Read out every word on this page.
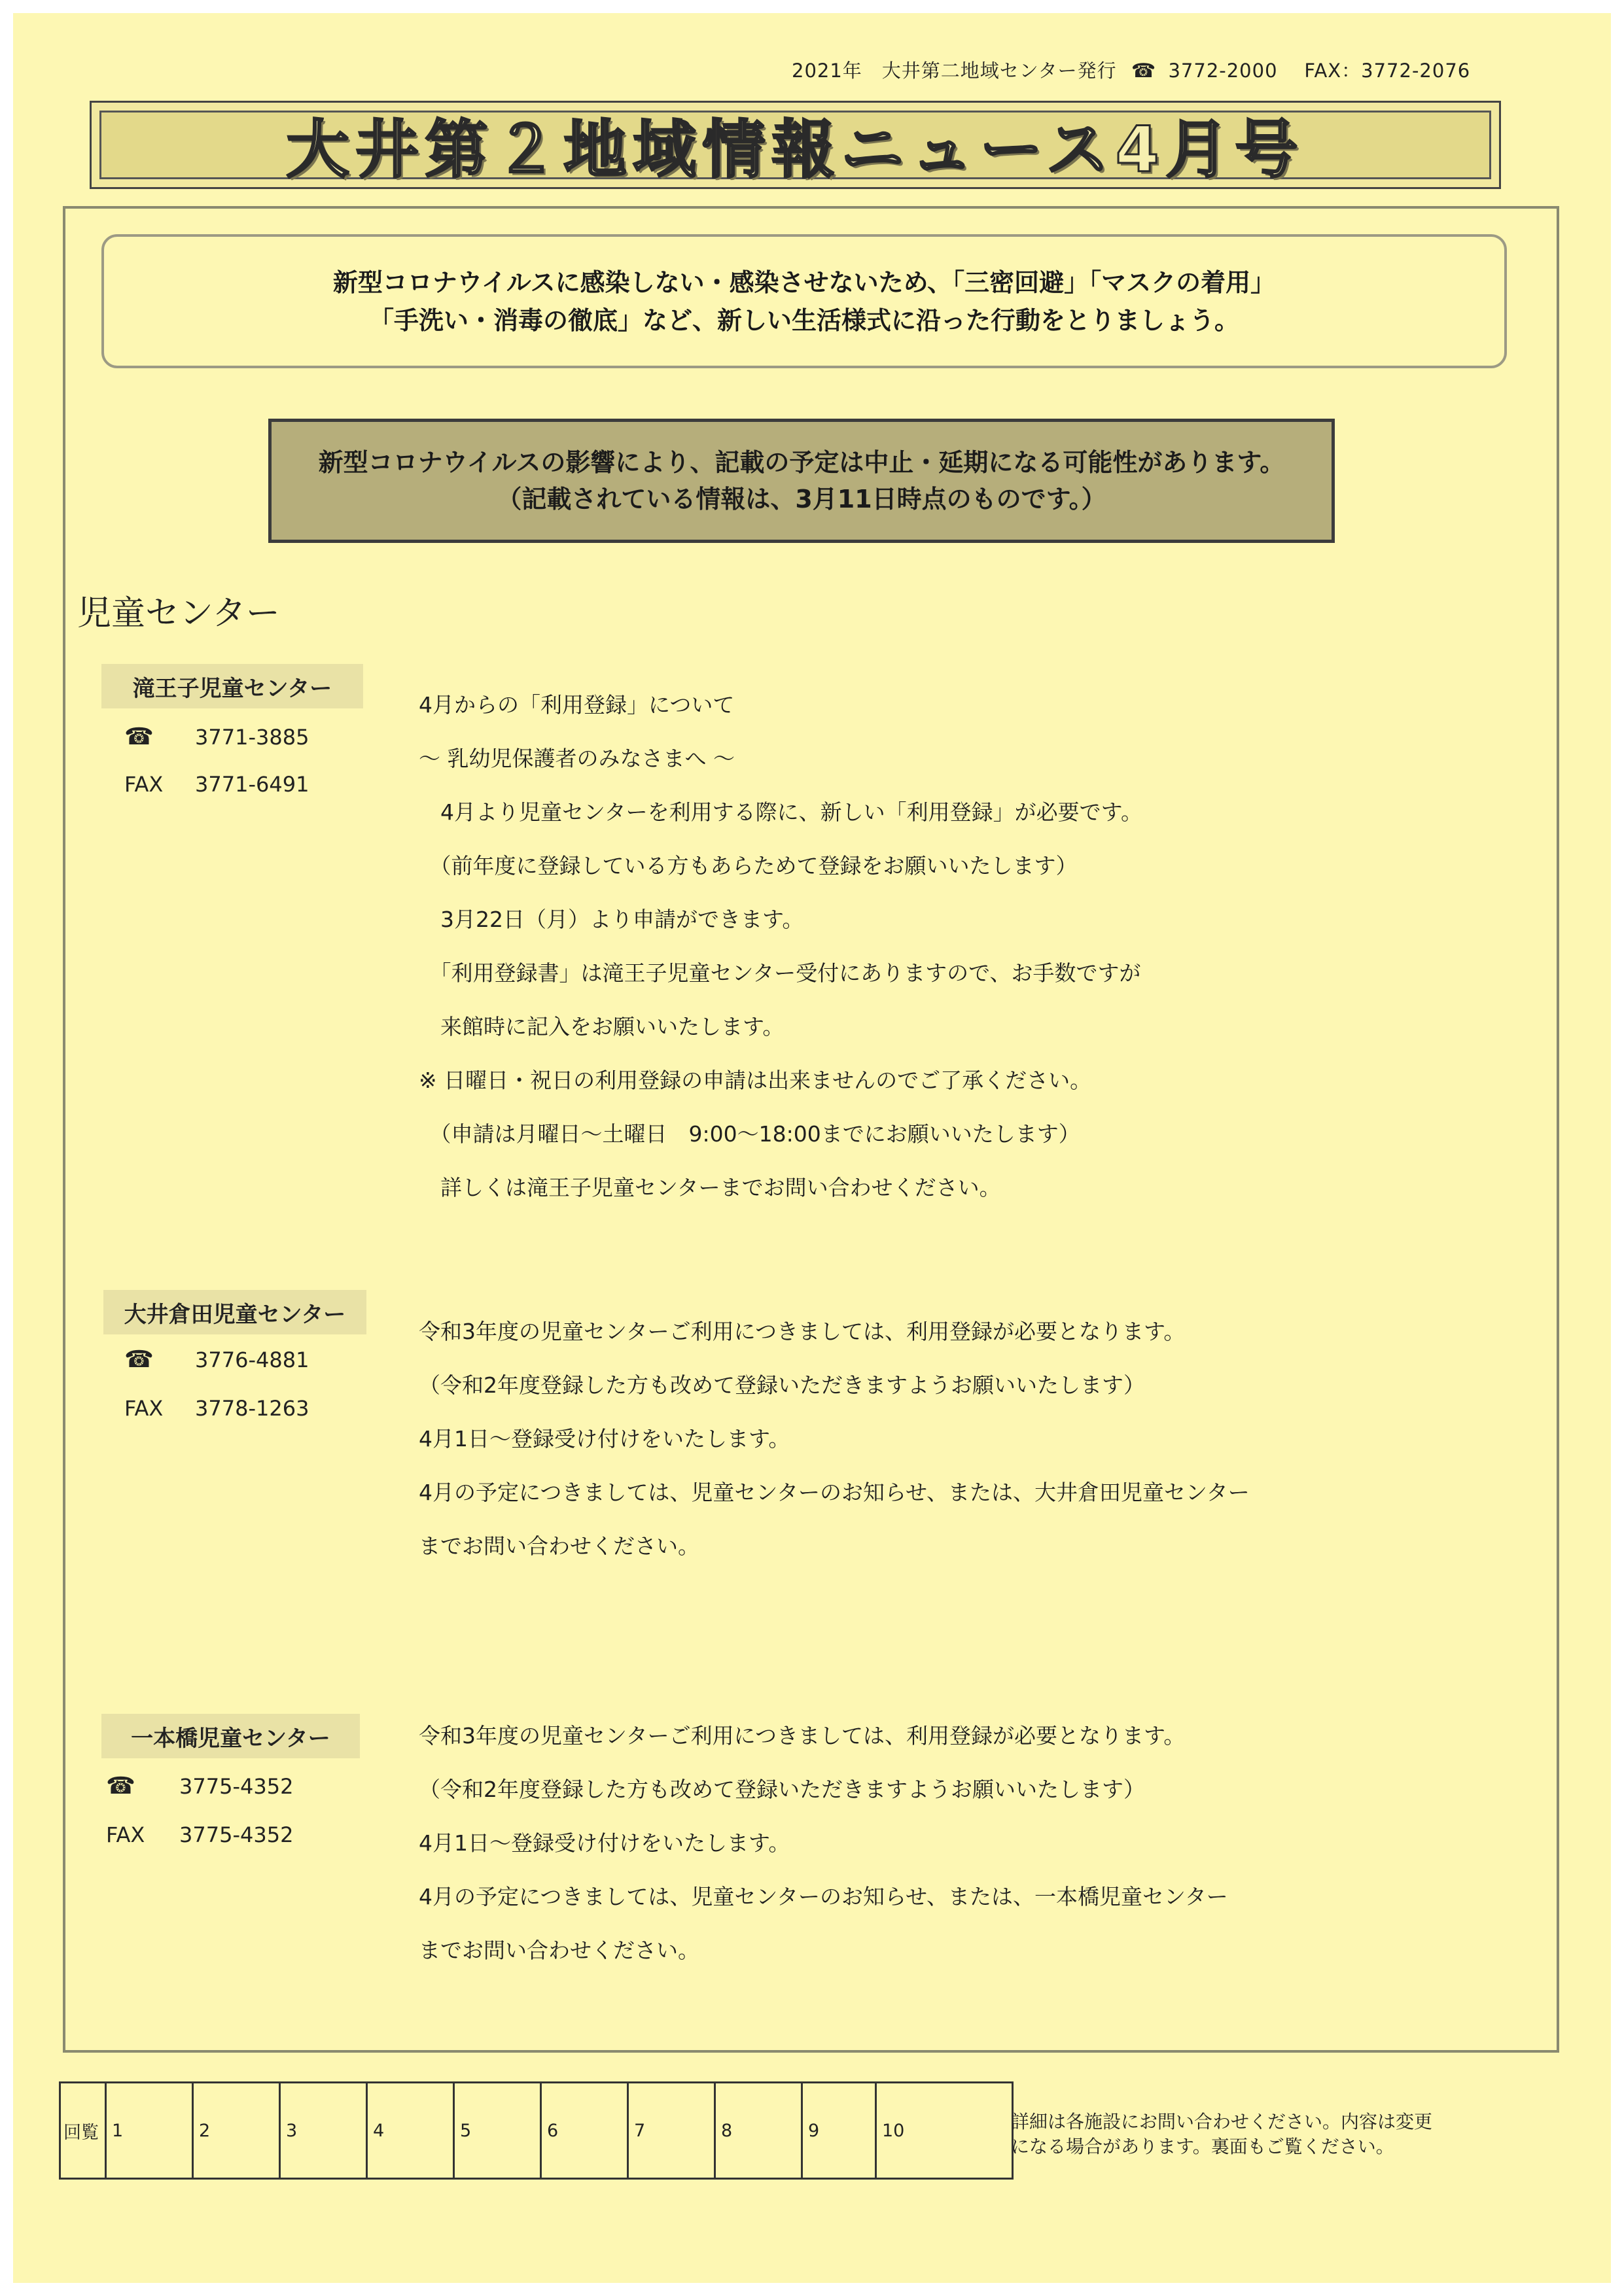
2021年　大井第二地域センター発行 ☎ 3772-2000 FAX：3772-2076
大井第２地域情報ニュース4月号
新型コロナウイルスに感染しない・感染させないため、「三密回避」「マスクの着用」
「手洗い・消毒の徹底」など、新しい生活様式に沿った行動をとりましょう。
新型コロナウイルスの影響により、記載の予定は中止・延期になる可能性があります。
（記載されている情報は、3月11日時点のものです。）
児童センター
滝王子児童センター
☎ 3771-3885
FAX 3771-6491
4月からの「利用登録」について
～ 乳幼児保護者のみなさまへ ～
　4月より児童センターを利用する際に、新しい「利用登録」が必要です。
　（前年度に登録している方もあらためて登録をお願いいたします）
　3月22日（月）より申請ができます。
　「利用登録書」は滝王子児童センター受付にありますので、お手数ですが
　来館時に記入をお願いいたします。
※ 日曜日・祝日の利用登録の申請は出来ませんのでご了承ください。
　（申請は月曜日～土曜日　9:00～18:00までにお願いいたします）
　詳しくは滝王子児童センターまでお問い合わせください。
大井倉田児童センター
☎ 3776-4881
FAX 3778-1263
令和3年度の児童センターご利用につきましては、利用登録が必要となります。
（令和2年度登録した方も改めて登録いただきますようお願いいたします）
4月1日～登録受け付けをいたします。
4月の予定につきましては、児童センターのお知らせ、または、大井倉田児童センター
までお問い合わせください。
一本橋児童センター
☎ 3775-4352
FAX 3775-4352
令和3年度の児童センターご利用につきましては、利用登録が必要となります。
（令和2年度登録した方も改めて登録いただきますようお願いいたします）
4月1日～登録受け付けをいたします。
4月の予定につきましては、児童センターのお知らせ、または、一本橋児童センター
までお問い合わせください。
回覧 1	2	3	4	5	6	7	8	9	10	詳細は各施設にお問い合わせください。内容は変更
になる場合があります。裏面もご覧ください。
